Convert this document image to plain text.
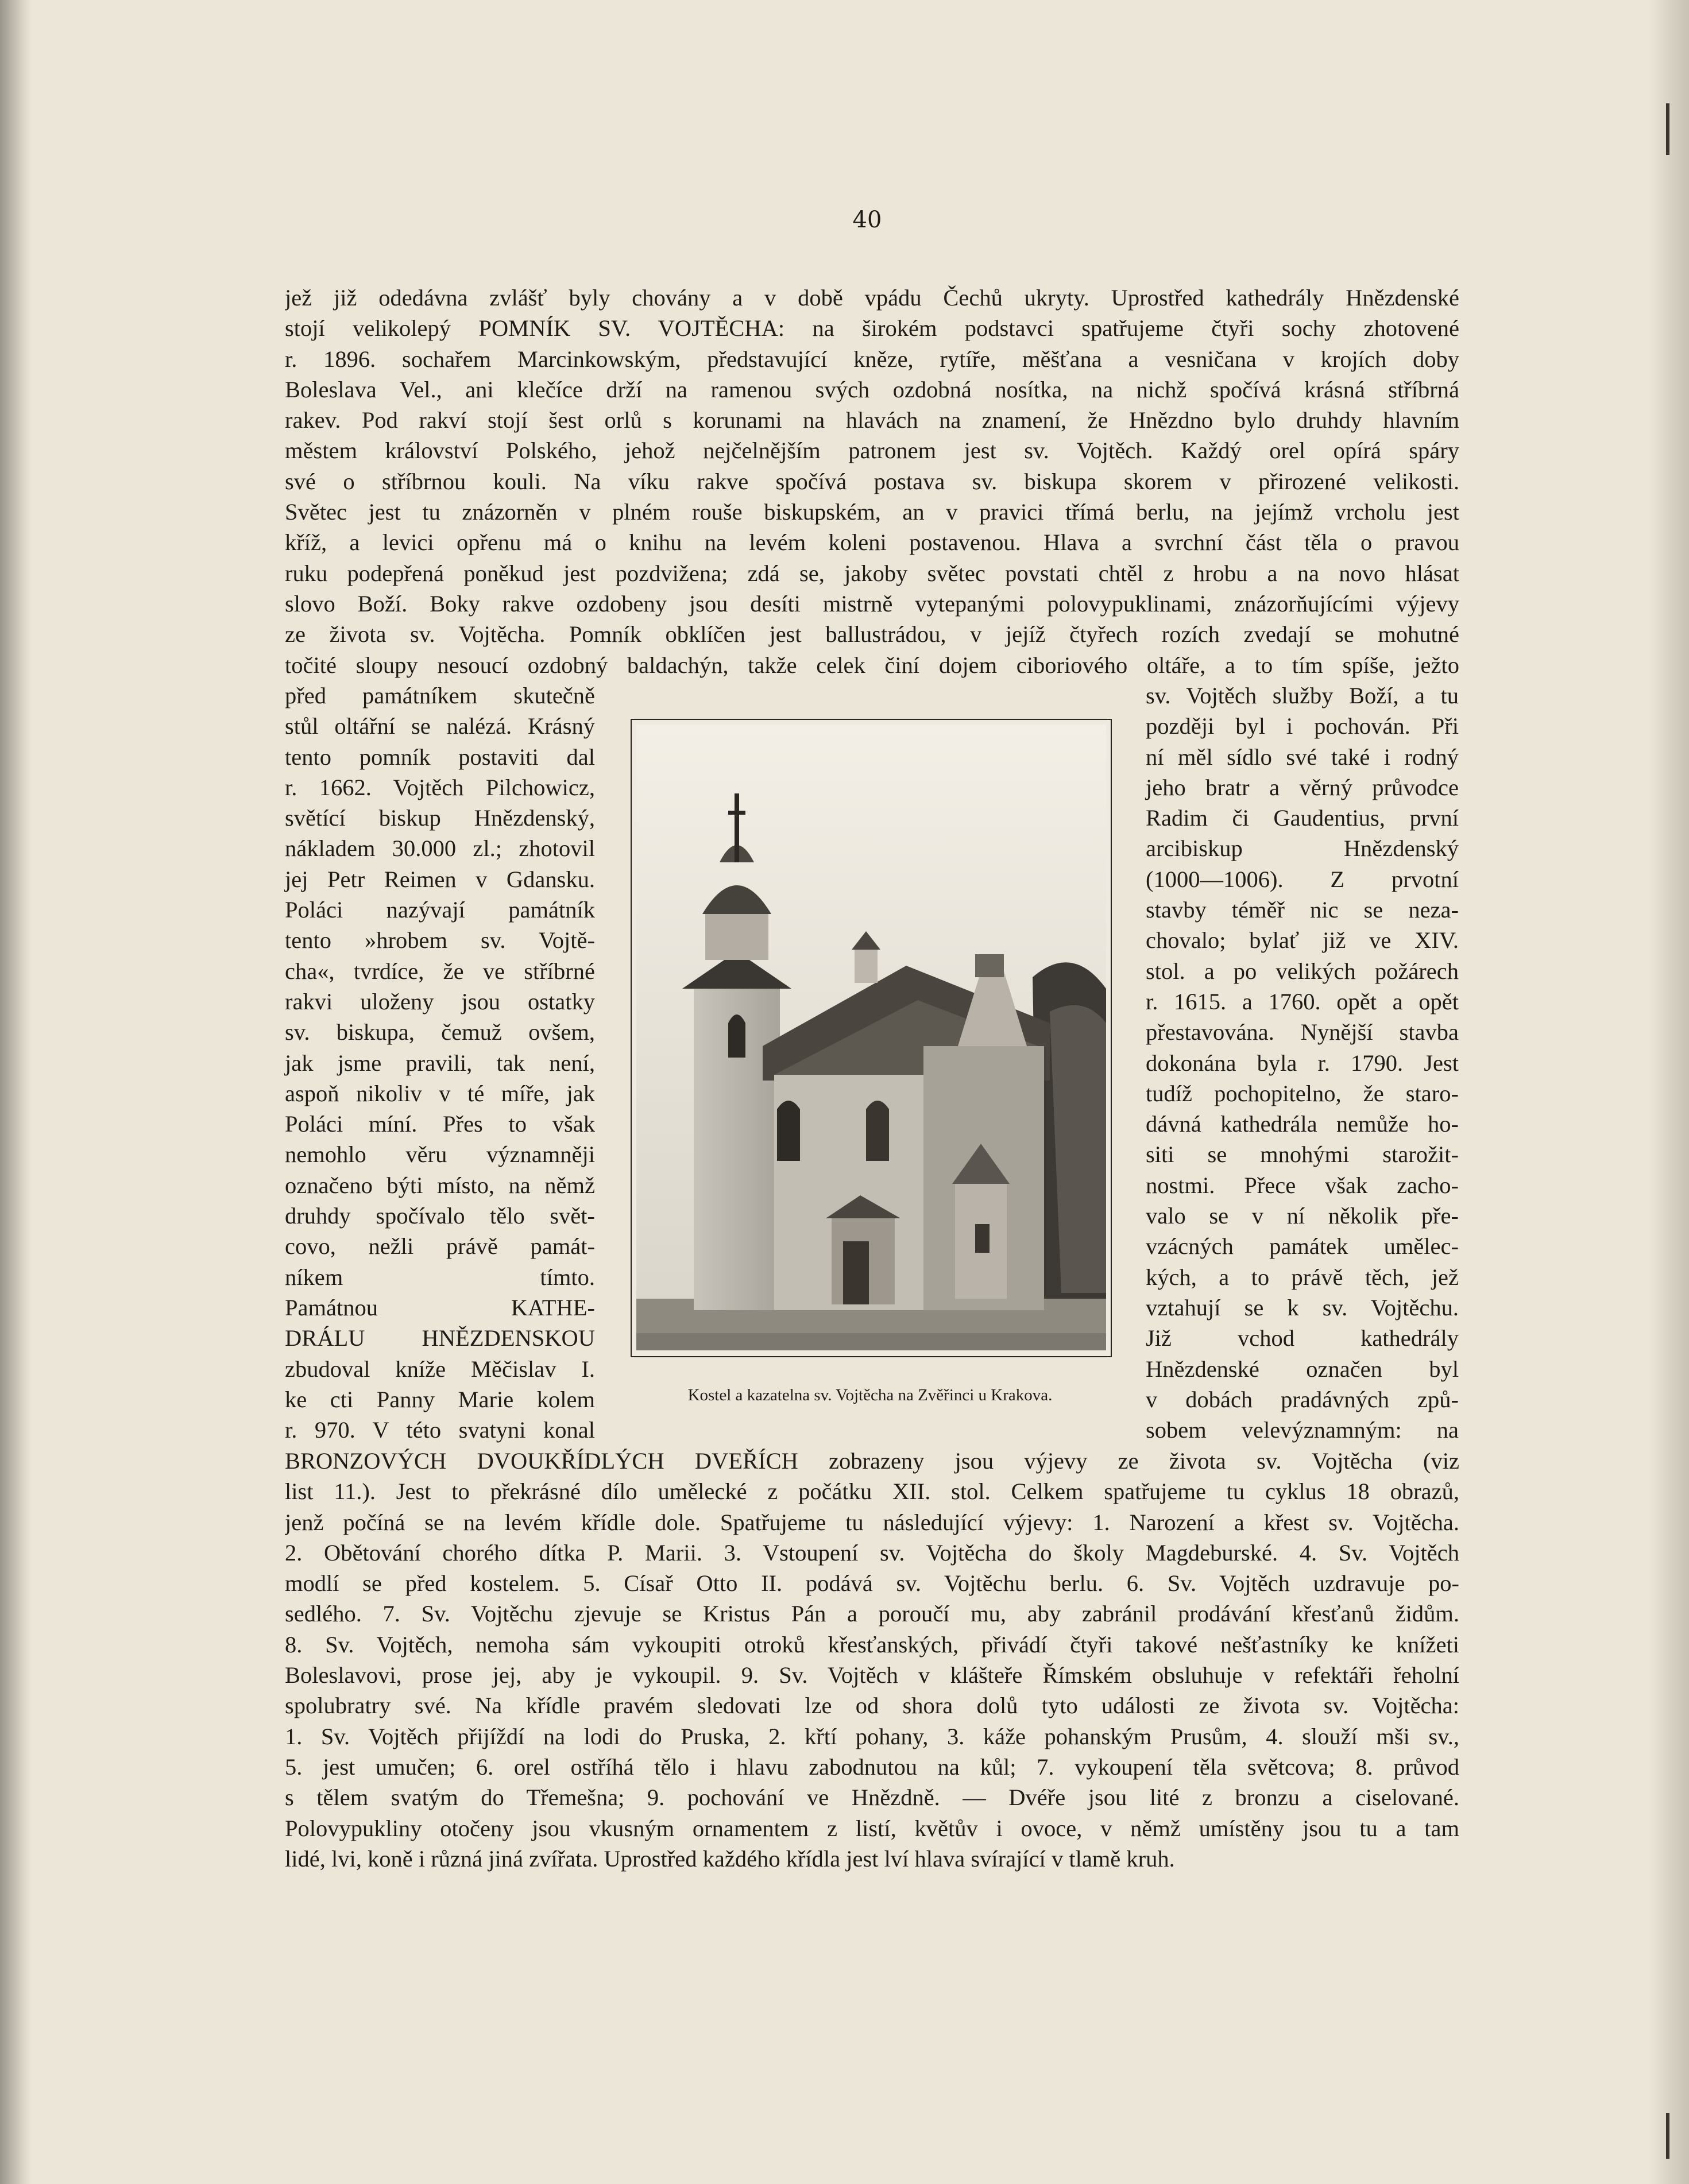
40
jež již odedávna zvlášť byly chovány a v době vpádu Čechů ukryty. Uprostřed kathedrály Hnězdenské
stojí velikolepý POMNÍK SV. VOJTĚCHA: na širokém podstavci spatřujeme čtyři sochy zhotovené
r. 1896. sochařem Marcinkowským, představující kněze, rytíře, měšťana a vesničana v krojích doby
Boleslava Vel., ani klečíce drží na ramenou svých ozdobná nosítka, na nichž spočívá krásná stříbrná
rakev. Pod rakví stojí šest orlů s korunami na hlavách na znamení, že Hnězdno bylo druhdy hlavním
městem království Polského, jehož nejčelnějším patronem jest sv. Vojtěch. Každý orel opírá spáry
své o stříbrnou kouli. Na víku rakve spočívá postava sv. biskupa skorem v přirozené velikosti.
Světec jest tu znázorněn v plném rouše biskupském, an v pravici třímá berlu, na jejímž vrcholu jest
kříž, a levici opřenu má o knihu na levém koleni postavenou. Hlava a svrchní část těla o pravou
ruku podepřená poněkud jest pozdvižena; zdá se, jakoby světec povstati chtěl z hrobu a na novo hlásat
slovo Boží. Boky rakve ozdobeny jsou desíti mistrně vytepanými polovypuklinami, znázorňujícími výjevy
ze života sv. Vojtěcha. Pomník obklíčen jest ballustrádou, v jejíž čtyřech rozích zvedají se mohutné
točité sloupy nesoucí ozdobný baldachýn, takže celek činí dojem ciboriového oltáře, a to tím spíše, ježto
před památníkem skutečně
stůl oltářní se nalézá. Krásný
tento pomník postaviti dal
r. 1662. Vojtěch Pilchowicz,
světící biskup Hnězdenský,
nákladem 30.000 zl.; zhotovil
jej Petr Reimen v Gdansku.
Poláci nazývají památník
tento »hrobem sv. Vojtě-
cha«, tvrdíce, že ve stříbrné
rakvi uloženy jsou ostatky
sv. biskupa, čemuž ovšem,
jak jsme pravili, tak není,
aspoň nikoliv v té míře, jak
Poláci míní. Přes to však
nemohlo věru významněji
označeno býti místo, na němž
druhdy spočívalo tělo svět-
covo, nežli právě památ-
níkem tímto.
Památnou KATHE-
DRÁLU HNĚZDENSKOU
zbudoval kníže Měčislav I.
ke cti Panny Marie kolem
r. 970. V této svatyni konal
sv. Vojtěch služby Boží, a tu
později byl i pochován. Při
ní měl sídlo své také i rodný
jeho bratr a věrný průvodce
Radim či Gaudentius, první
arcibiskup Hnězdenský
(1000—1006). Z prvotní
stavby téměř nic se neza-
chovalo; bylať již ve XIV.
stol. a po velikých požárech
r. 1615. a 1760. opět a opět
přestavována. Nynější stavba
dokonána byla r. 1790. Jest
tudíž pochopitelno, že staro-
dávná kathedrála nemůže ho-
siti se mnohými starožit-
nostmi. Přece však zacho-
valo se v ní několik pře-
vzácných památek umělec-
kých, a to právě těch, jež
vztahují se k sv. Vojtěchu.
Již vchod kathedrály
Hnězdenské označen byl
v dobách pradávných způ-
sobem velevýznamným: na
Kostel a kazatelna sv. Vojtěcha na Zvěřinci u Krakova.
BRONZOVÝCH DVOUKŘÍDLÝCH DVEŘÍCH zobrazeny jsou výjevy ze života sv. Vojtěcha (viz
list 11.). Jest to překrásné dílo umělecké z počátku XII. stol. Celkem spatřujeme tu cyklus 18 obrazů,
jenž počíná se na levém křídle dole. Spatřujeme tu následující výjevy: 1. Narození a křest sv. Vojtěcha.
2. Obětování chorého dítka P. Marii. 3. Vstoupení sv. Vojtěcha do školy Magdeburské. 4. Sv. Vojtěch
modlí se před kostelem. 5. Císař Otto II. podává sv. Vojtěchu berlu. 6. Sv. Vojtěch uzdravuje po-
sedlého. 7. Sv. Vojtěchu zjevuje se Kristus Pán a poroučí mu, aby zabránil prodávání křesťanů židům.
8. Sv. Vojtěch, nemoha sám vykoupiti otroků křesťanských, přivádí čtyři takové nešťastníky ke knížeti
Boleslavovi, prose jej, aby je vykoupil. 9. Sv. Vojtěch v klášteře Římském obsluhuje v refektáři řeholní
spolubratry své. Na křídle pravém sledovati lze od shora dolů tyto události ze života sv. Vojtěcha:
1. Sv. Vojtěch přijíždí na lodi do Pruska, 2. křtí pohany, 3. káže pohanským Prusům, 4. slouží mši sv.,
5. jest umučen; 6. orel ostříhá tělo i hlavu zabodnutou na kůl; 7. vykoupení těla světcova; 8. průvod
s tělem svatým do Třemešna; 9. pochování ve Hnězdně. — Dvéře jsou lité z bronzu a ciselované.
Polovypukliny otočeny jsou vkusným ornamentem z listí, květův i ovoce, v němž umístěny jsou tu a tam
lidé, lvi, koně i různá jiná zvířata. Uprostřed každého křídla jest lví hlava svírající v tlamě kruh.
